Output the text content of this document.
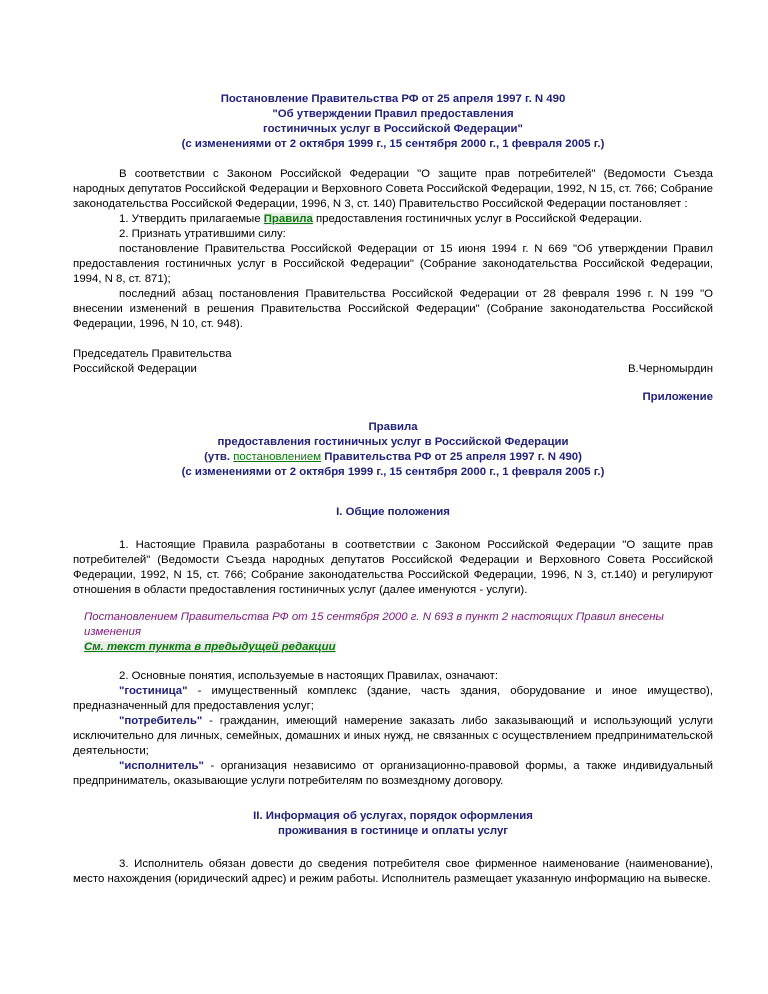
Постановление Правительства РФ от 25 апреля 1997 г. N 490
"Об утверждении Правил предоставления
гостиничных услуг в Российской Федерации"
(с изменениями от 2 октября 1999 г., 15 сентября 2000 г., 1 февраля 2005 г.)

В соответствии с Законом Российской Федерации "О защите прав потребителей" (Ведомости Съезда народных депутатов Российской Федерации и Верховного Совета Российской Федерации, 1992, N 15, ст. 766; Собрание законодательства Российской Федерации, 1996, N 3, ст. 140) Правительство Российской Федерации постановляет :

1. Утвердить прилагаемые Правила предоставления гостиничных услуг в Российской Федерации.

2. Признать утратившими силу:

постановление Правительства Российской Федерации от 15 июня 1994 г. N 669 "Об утверждении Правил предоставления гостиничных услуг в Российской Федерации" (Собрание законодательства Российской Федерации, 1994, N 8, ст. 871);

последний абзац постановления Правительства Российской Федерации от 28 февраля 1996 г. N 199 "О внесении изменений в решения Правительства Российской Федерации" (Собрание законодательства Российской Федерации, 1996, N 10, ст. 948).

Председатель Правительства
Российской Федерации	В.Черномырдин
Приложение
Правила
предоставления гостиничных услуг в Российской Федерации
(утв. постановлением Правительства РФ от 25 апреля 1997 г. N 490)
(с изменениями от 2 октября 1999 г., 15 сентября 2000 г., 1 февраля 2005 г.)
I. Общие положения

1. Настоящие Правила разработаны в соответствии с Законом Российской Федерации "О защите прав потребителей" (Ведомости Съезда народных депутатов Российской Федерации и Верховного Совета Российской Федерации, 1992, N 15, ст. 766; Собрание законодательства Российской Федерации, 1996, N 3, ст.140) и регулируют отношения в области предоставления гостиничных услуг (далее именуются - услуги).

Постановлением Правительства РФ от 15 сентября 2000 г. N 693 в пункт 2 настоящих Правил внесены изменения
См. текст пункта в предыдущей редакции

2. Основные понятия, используемые в настоящих Правилах, означают:

"гостиница" - имущественный комплекс (здание, часть здания, оборудование и иное имущество), предназначенный для предоставления услуг;

"потребитель" - гражданин, имеющий намерение заказать либо заказывающий и использующий услуги исключительно для личных, семейных, домашних и иных нужд, не связанных с осуществлением предпринимательской деятельности;

"исполнитель" - организация независимо от организационно-правовой формы, а также индивидуальный предприниматель, оказывающие услуги потребителям по возмездному договору.

II. Информация об услугах, порядок оформления
проживания в гостинице и оплаты услуг

3. Исполнитель обязан довести до сведения потребителя свое фирменное наименование (наименование), место нахождения (юридический адрес) и режим работы. Исполнитель размещает указанную информацию на вывеске.
